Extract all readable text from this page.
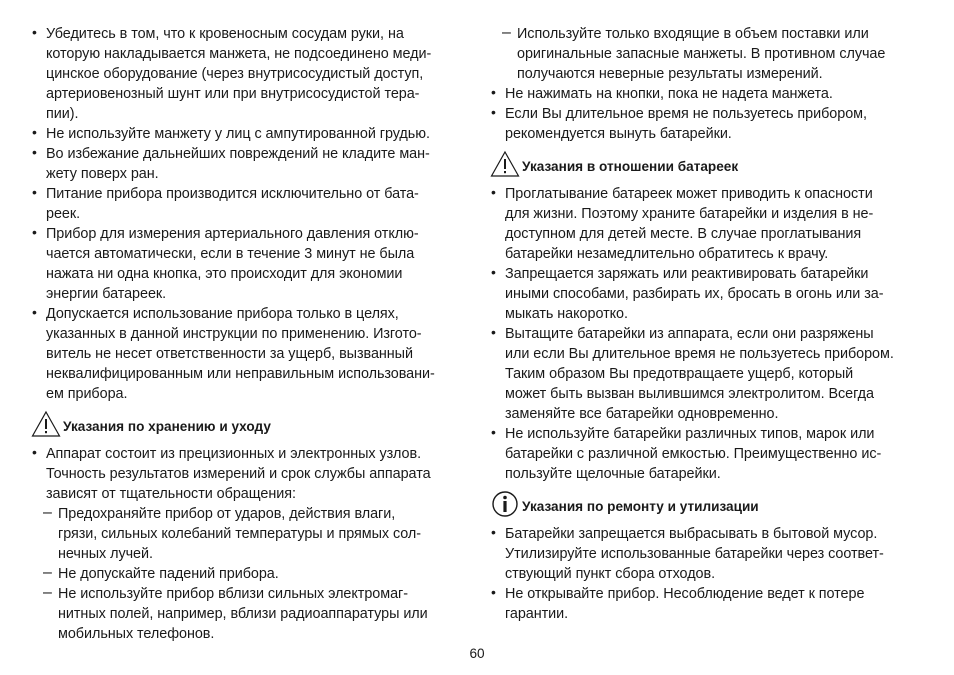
• Убедитесь в том, что к кровеносным сосудам руки, на
которую накладывается манжета, не подсоединено меди-
цинское оборудование (через внутрисосудистый доступ,
артериовенозный шунт или при внутрисосудистой тера-
пии).
• Не используйте манжету у лиц с ампутированной грудью.
• Во избежание дальнейших повреждений не кладите ман-
жету поверх ран.
• Питание прибора производится исключительно от бата-
реек.
• Прибор для измерения артериального давления отклю-
чается автоматически, если в течение 3 минут не была
нажата ни одна кнопка, это происходит для экономии
энергии батареек.
• Допускается использование прибора только в целях,
указанных в данной инструкции по применению. Изгото-
витель не несет ответственности за ущерб, вызванный
неквалифицированным или неправильным использовани-
ем прибора.
Указания по хранению и уходу
• Аппарат состоит из прецизионных и электронных узлов.
Точность результатов измерений и срок службы аппарата
зависят от тщательности обращения:
– Предохраняйте прибор от ударов, действия влаги,
грязи, сильных колебаний температуры и прямых сол-
нечных лучей.
– Не допускайте падений прибора.
– Не используйте прибор вблизи сильных электромаг-
нитных полей, например, вблизи радиоаппаратуры или
мобильных телефонов.
– Используйте только входящие в объем поставки или
оригинальные запасные манжеты. В противном случае
получаются неверные результаты измерений.
• Не нажимать на кнопки, пока не надета манжета.
• Если Вы длительное время не пользуетесь прибором,
рекомендуется вынуть батарейки.
Указания в отношении батареек
• Проглатывание батареек может приводить к опасности
для жизни. Поэтому храните батарейки и изделия в не-
доступном для детей месте. В случае проглатывания
батарейки незамедлительно обратитесь к врачу.
• Запрещается заряжать или реактивировать батарейки
иными способами, разбирать их, бросать в огонь или за-
мыкать накоротко.
• Вытащите батарейки из аппарата, если они разряжены
или если Вы длительное время не пользуетесь прибором.
Таким образом Вы предотвращаете ущерб, который
может быть вызван вылившимся электролитом. Всегда
заменяйте все батарейки одновременно.
• Не используйте батарейки различных типов, марок или
батарейки с различной емкостью. Преимущественно ис-
пользуйте щелочные батарейки.
Указания по ремонту и утилизации
• Батарейки запрещается выбрасывать в бытовой мусор.
Утилизируйте использованные батарейки через соответ-
ствующий пункт сбора отходов.
• Не открывайте прибор. Несоблюдение ведет к потере
гарантии.
60
